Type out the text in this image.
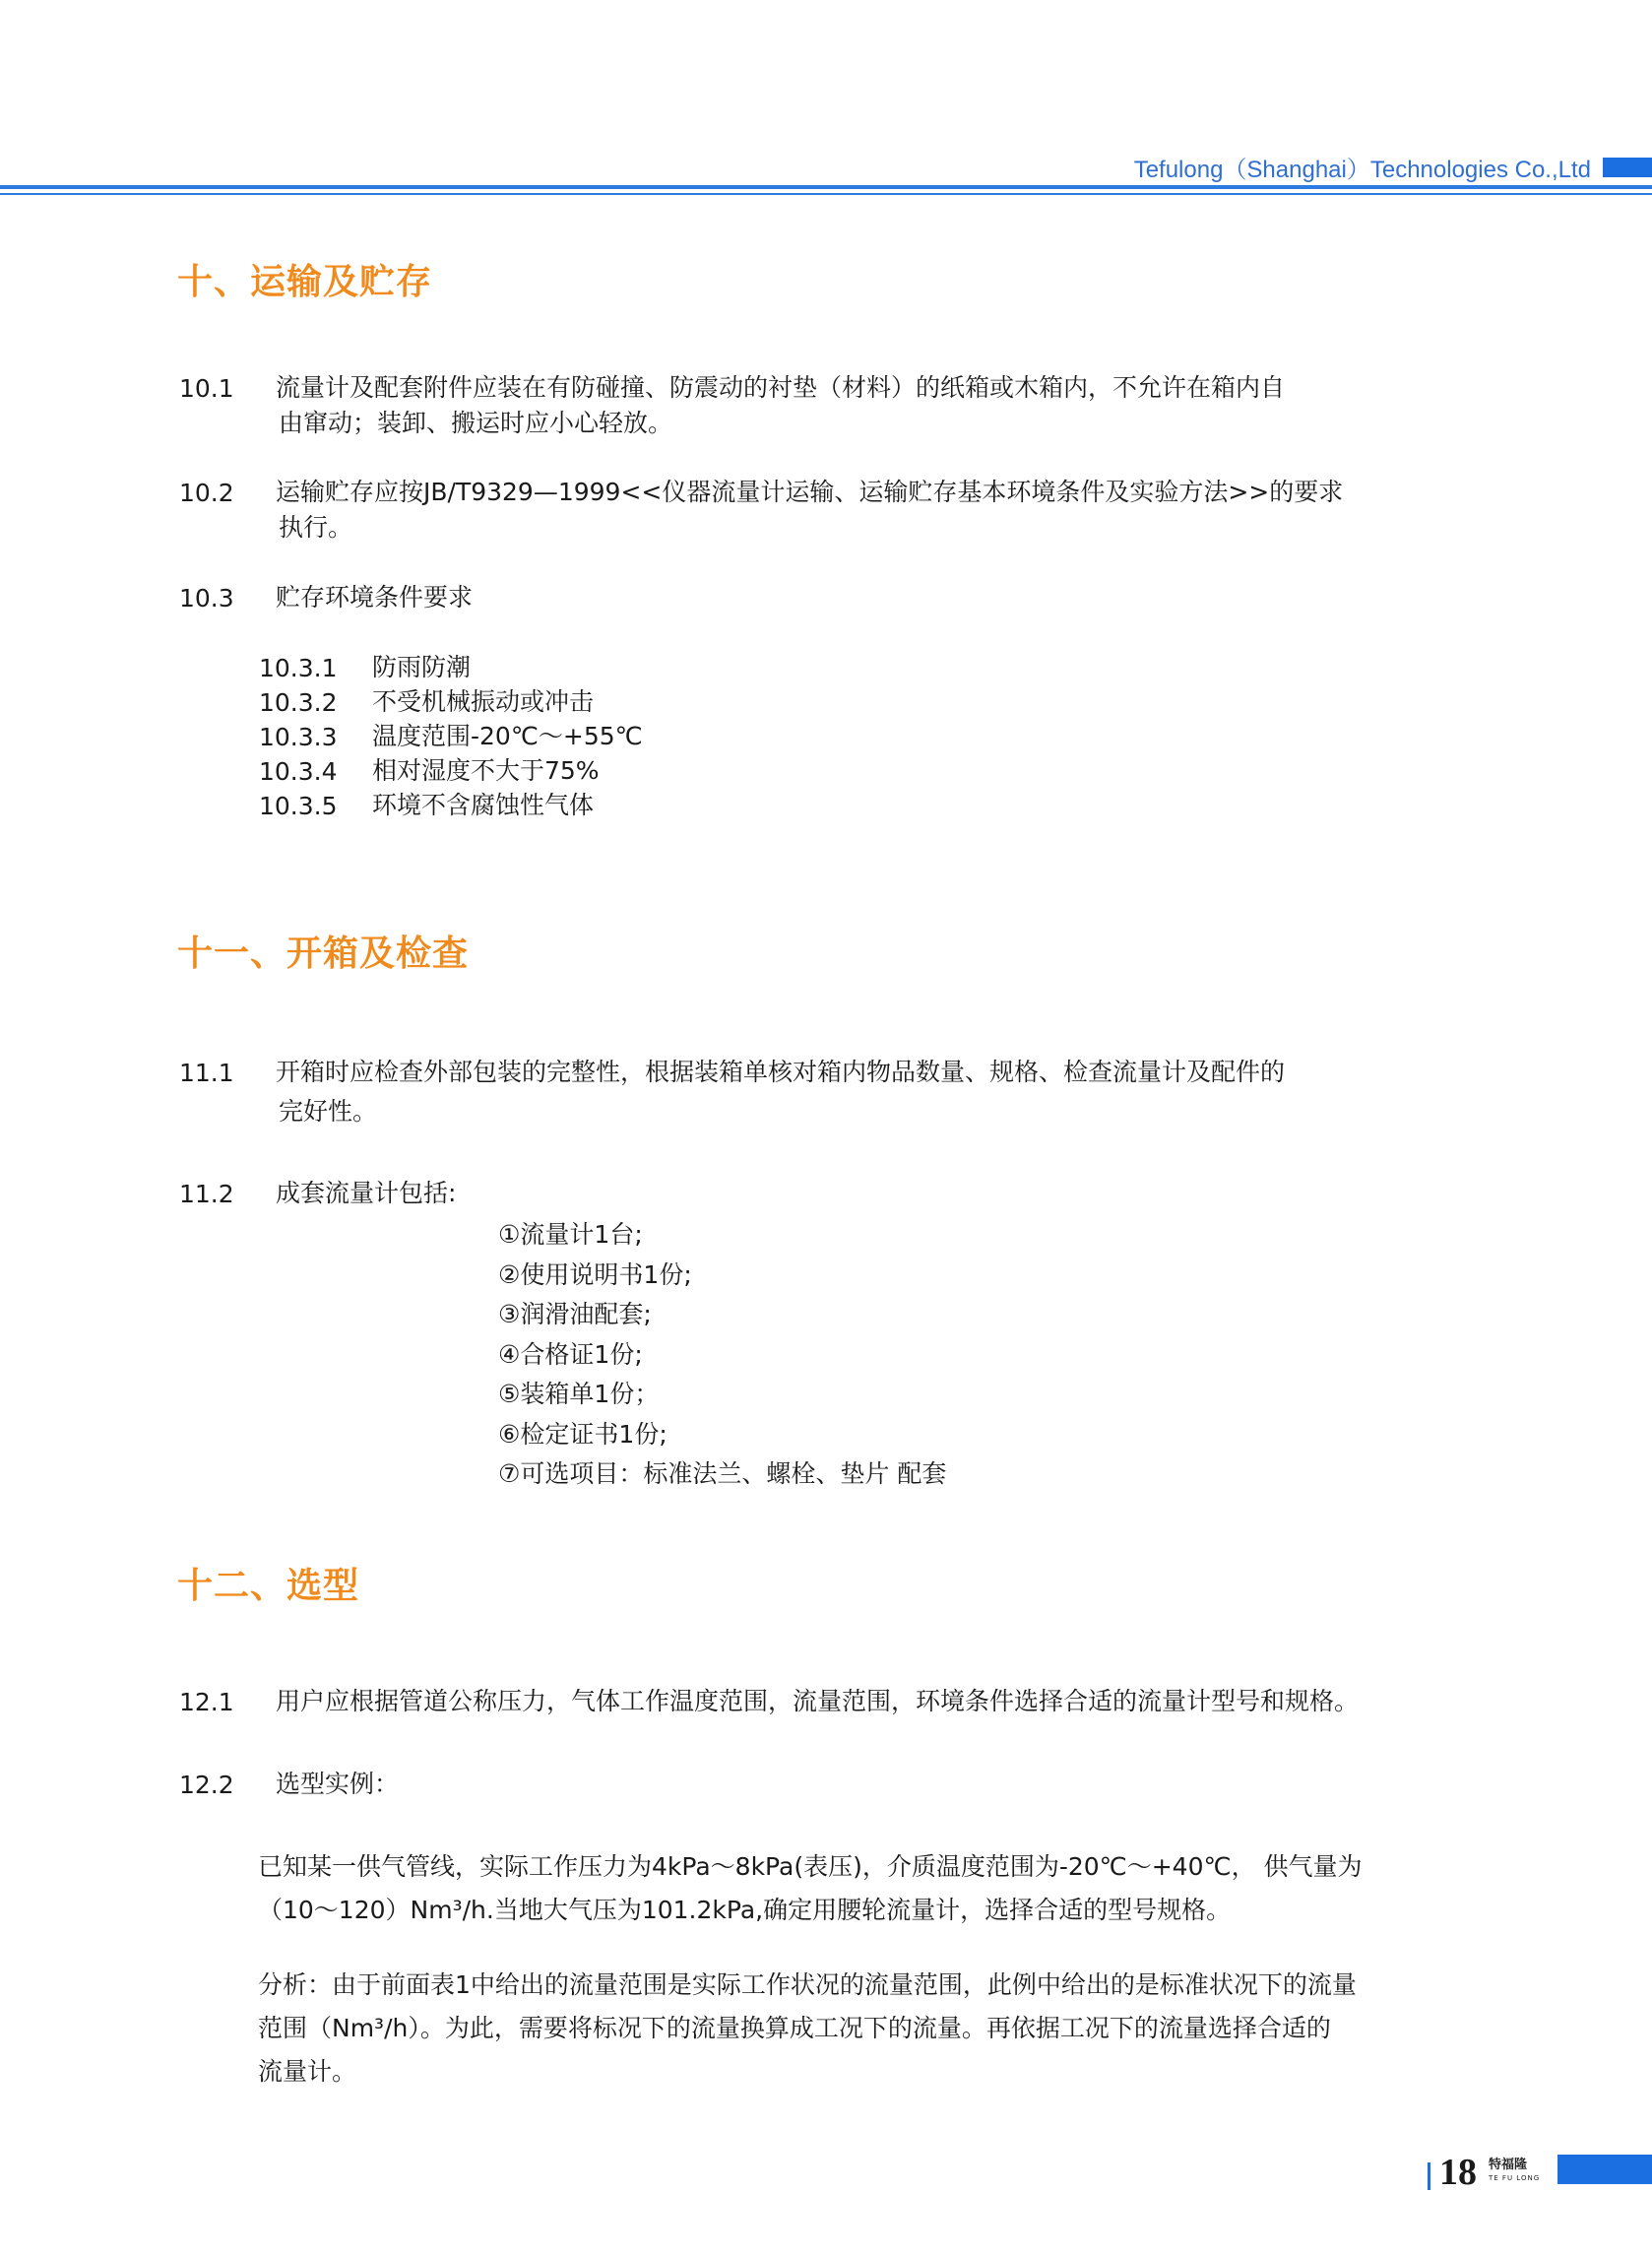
Tefulong（Shanghai）Technologies Co.,Ltd
十、运输及贮存
10.1 流量计及配套附件应装在有防碰撞、防震动的衬垫（材料）的纸箱或木箱内，不允许在箱内自
由窜动；装卸、搬运时应小心轻放。
10.2 运输贮存应按JB/T9329—1999<<仪器流量计运输、运输贮存基本环境条件及实验方法>>的要求
执行。
10.3 贮存环境条件要求
10.3.1 防雨防潮
10.3.2 不受机械振动或冲击
10.3.3 温度范围-20℃～+55℃
10.3.4 相对湿度不大于75%
10.3.5 环境不含腐蚀性气体
十一、开箱及检查
11.1 开箱时应检查外部包装的完整性，根据装箱单核对箱内物品数量、规格、检查流量计及配件的
完好性。
11.2 成套流量计包括:
①流量计1台;
②使用说明书1份;
③润滑油配套;
④合格证1份;
⑤装箱单1份；
⑥检定证书1份;
⑦可选项目：标准法兰、螺栓、垫片 配套
十二、选型
12.1 用户应根据管道公称压力，气体工作温度范围，流量范围，环境条件选择合适的流量计型号和规格。
12.2 选型实例：
已知某一供气管线，实际工作压力为4kPa～8kPa(表压)，介质温度范围为-20℃～+40℃， 供气量为
（10～120）Nm³/h.当地大气压为101.2kPa,确定用腰轮流量计，选择合适的型号规格。
分析：由于前面表1中给出的流量范围是实际工作状况的流量范围，此例中给出的是标准状况下的流量
范围（Nm³/h）。为此，需要将标况下的流量换算成工况下的流量。再依据工况下的流量选择合适的
流量计。
18 特福隆
TE FU LONG
